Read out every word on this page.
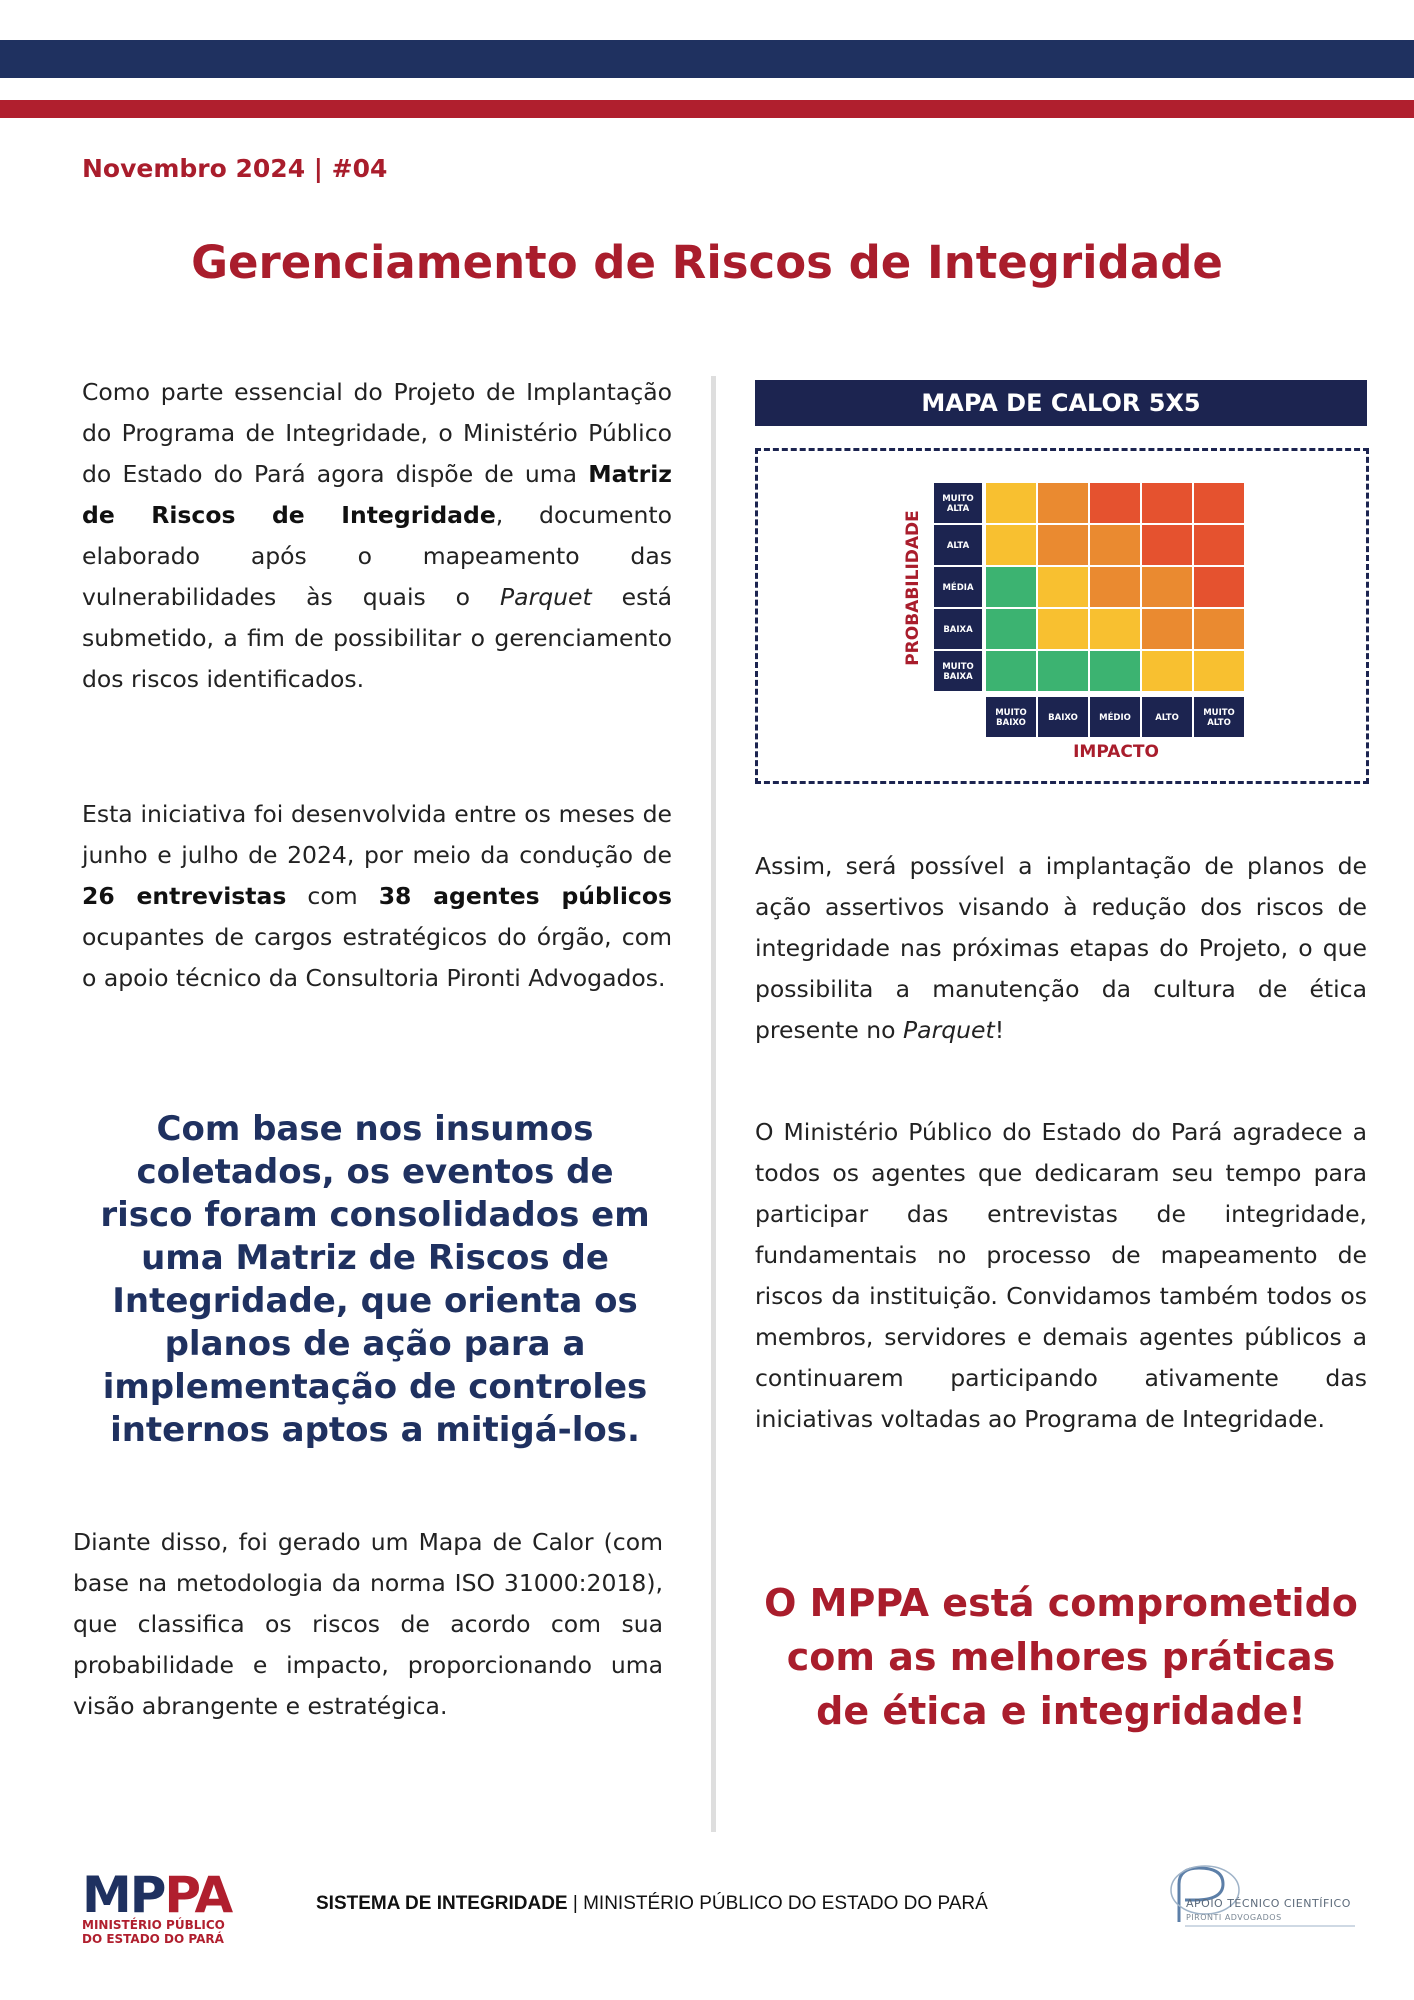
Novembro 2024 | #04
Gerenciamento de Riscos de Integridade
Como parte essencial do Projeto de Implantação do Programa de Integridade, o Ministério Público do Estado do Pará agora dispõe de uma Matriz de Riscos de Integridade, documento elaborado após o mapeamento das vulnerabilidades às quais o Parquet está submetido, a fim de possibilitar o gerenciamento dos riscos identificados.
Esta iniciativa foi desenvolvida entre os meses de junho e julho de 2024, por meio da condução de 26 entrevistas com 38 agentes públicos ocupantes de cargos estratégicos do órgão, com o apoio técnico da Consultoria Pironti Advogados.
Com base nos insumos coletados, os eventos de risco foram consolidados em uma Matriz de Riscos de Integridade, que orienta os planos de ação para a implementação de controles internos aptos a mitigá-los.
Diante disso, foi gerado um Mapa de Calor (com base na metodologia da norma ISO 31000:2018), que classifica os riscos de acordo com sua probabilidade e impacto, proporcionando uma visão abrangente e estratégica.
MAPA DE CALOR 5X5
MUITO ALTA
ALTA
MÉDIA
BAIXA
MUITO BAIXA
MUITO BAIXO
BAIXO	MÉDIO	ALTO
MUITO ALTO
IMPACTO
PROBABILIDADE
Assim, será possível a implantação de planos de ação assertivos visando à redução dos riscos de integridade nas próximas etapas do Projeto, o que possibilita a manutenção da cultura de ética presente no Parquet!
O Ministério Público do Estado do Pará agradece a todos os agentes que dedicaram seu tempo para participar das entrevistas de integridade, fundamentais no processo de mapeamento de riscos da instituição. Convidamos também todos os membros, servidores e demais agentes públicos a continuarem participando ativamente das iniciativas voltadas ao Programa de Integridade.
O MPPA está comprometido com as melhores práticas de ética e integridade!
MPPA
MINISTÉRIO PÚBLICO
DO ESTADO DO PARÁ
SISTEMA DE INTEGRIDADE | MINISTÉRIO PÚBLICO DO ESTADO DO PARÁ	APOIO TÉCNICO CIENTÍFICO
PIRONTI ADVOGADOS
